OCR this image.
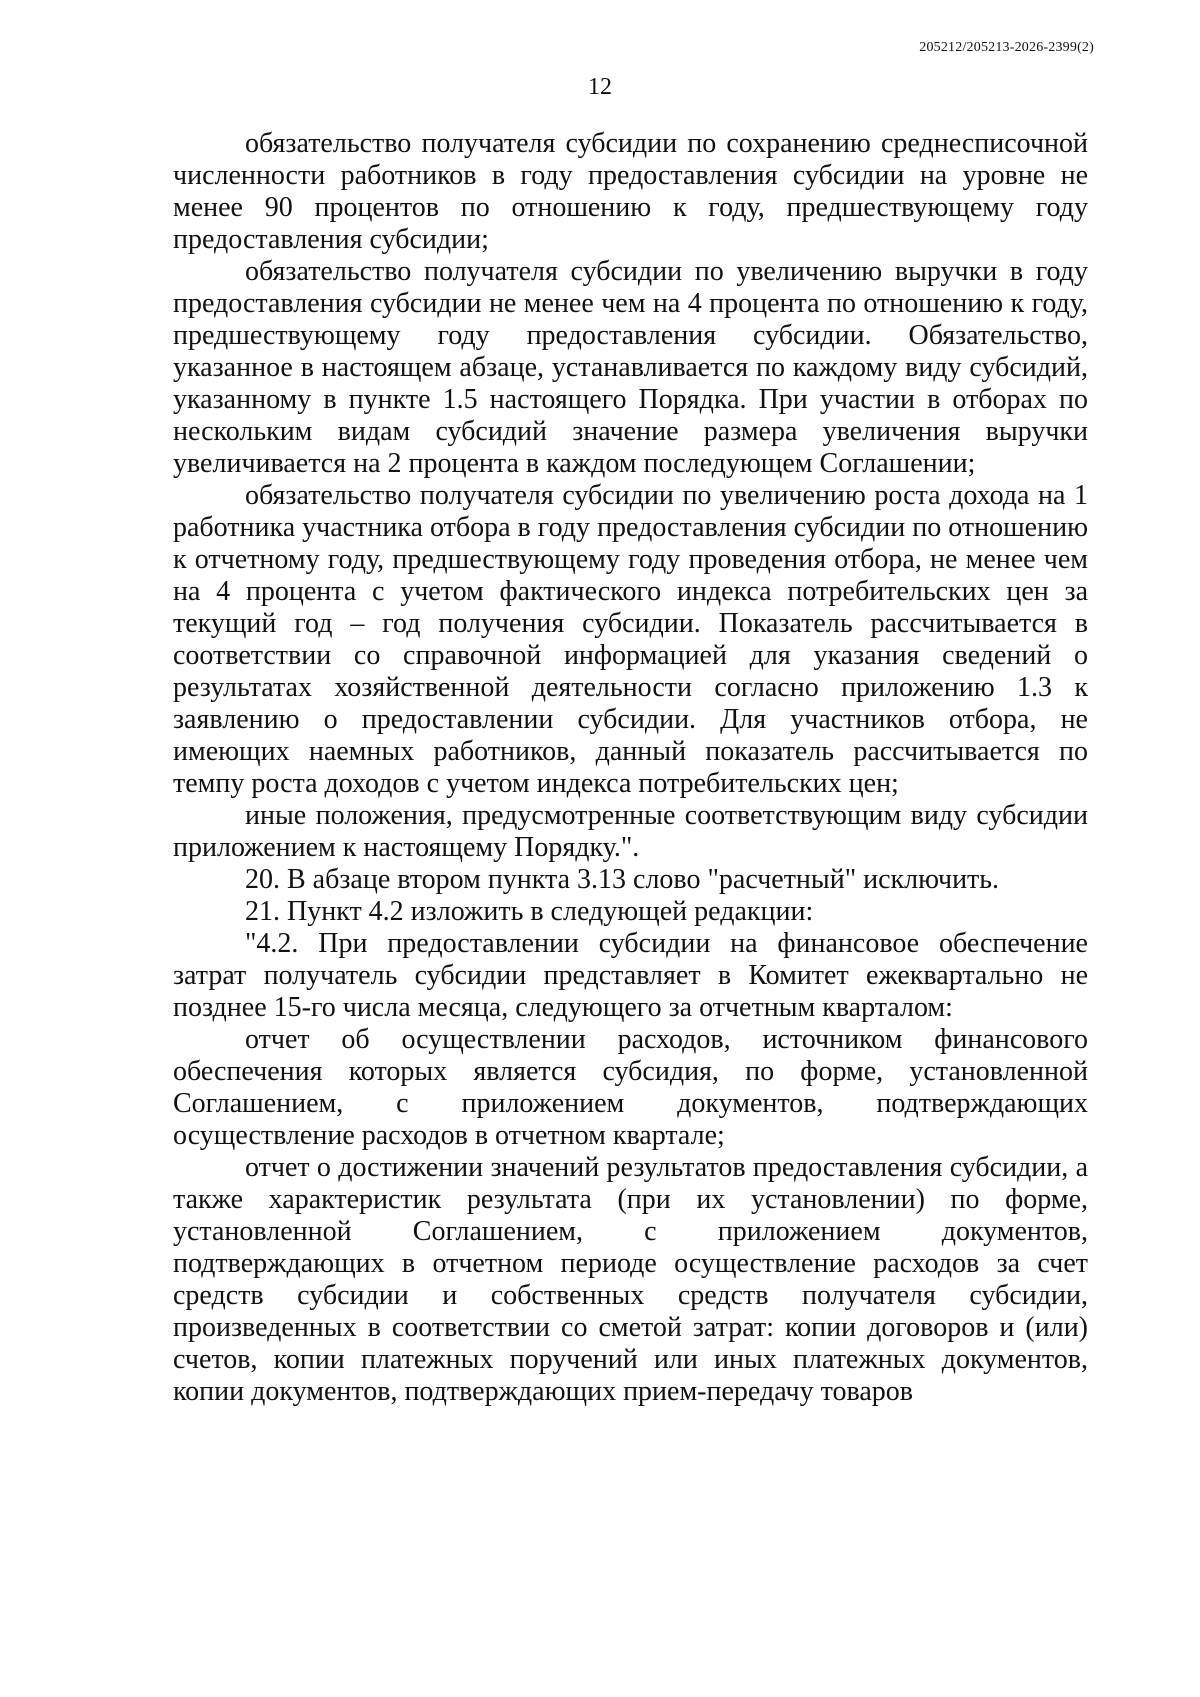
205212/205213-2026-2399(2)
12

обязательство получателя субсидии по сохранению среднесписочной численности работников в году предоставления субсидии на уровне не менее 90 процентов по отношению к году, предшествующему году предоставления субсидии;

обязательство получателя субсидии по увеличению выручки в году предоставления субсидии не менее чем на 4 процента по отношению к году, предшествующему году предоставления субсидии. Обязательство, указанное в настоящем абзаце, устанавливается по каждому виду субсидий, указанному в пункте 1.5 настоящего Порядка. При участии в отборах по нескольким видам субсидий значение размера увеличения выручки увеличивается на 2 процента в каждом последующем Соглашении;

обязательство получателя субсидии по увеличению роста дохода на 1 работника участника отбора в году предоставления субсидии по отношению к отчетному году, предшествующему году проведения отбора, не менее чем на 4 процента с учетом фактического индекса потребительских цен за текущий год – год получения субсидии. Показатель рассчитывается в соответствии со справочной информацией для указания сведений о результатах хозяйственной деятельности согласно приложению 1.3 к заявлению о предоставлении субсидии. Для участников отбора, не имеющих наемных работников, данный показатель рассчитывается по темпу роста доходов с учетом индекса потребительских цен;

иные положения, предусмотренные соответствующим виду субсидии приложением к настоящему Порядку.".

20. В абзаце втором пункта 3.13 слово "расчетный" исключить.

21. Пункт 4.2 изложить в следующей редакции:

"4.2. При предоставлении субсидии на финансовое обеспечение затрат получатель субсидии представляет в Комитет ежеквартально не позднее 15-го числа месяца, следующего за отчетным кварталом:

отчет об осуществлении расходов, источником финансового обеспечения которых является субсидия, по форме, установленной Соглашением, с приложением документов, подтверждающих осуществление расходов в отчетном квартале;

отчет о достижении значений результатов предоставления субсидии, а также характеристик результата (при их установлении) по форме, установленной Соглашением, с приложением документов, подтверждающих в отчетном периоде осуществление расходов за счет средств субсидии и собственных средств получателя субсидии, произведенных в соответствии со сметой затрат: копии договоров и (или) счетов, копии платежных поручений или иных платежных документов, копии документов, подтверждающих прием-передачу товаров
